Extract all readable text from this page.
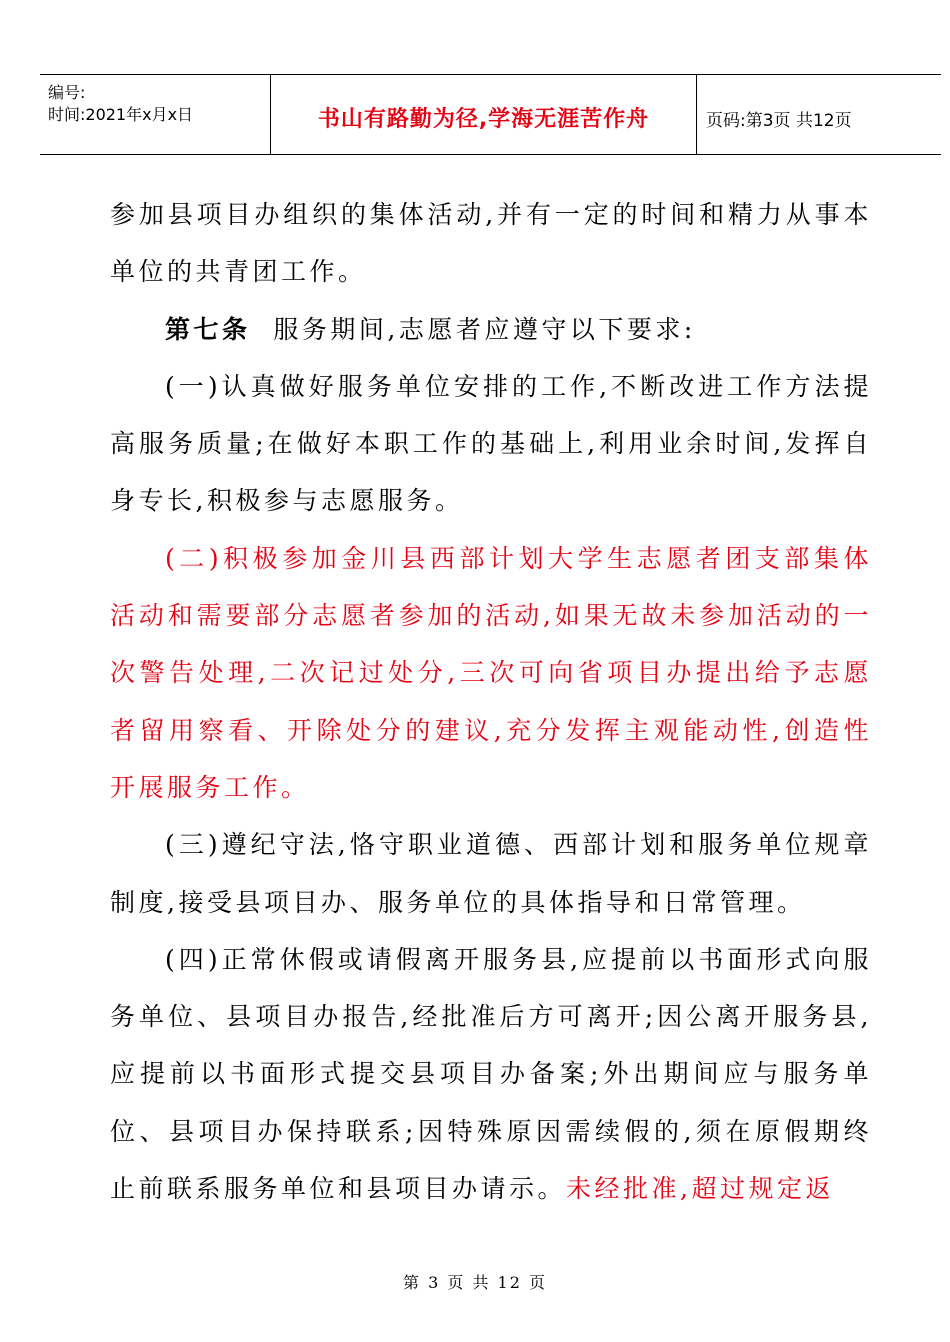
编号:
时间:2021年x月x日	书山有路勤为径,学海无涯苦作舟	页码:第3页 共12页

参加县项目办组织的集体活动,并有一定的时间和精力从事本单位的共青团工作。

第七条  服务期间,志愿者应遵守以下要求:

(一)认真做好服务单位安排的工作,不断改进工作方法提高服务质量;在做好本职工作的基础上,利用业余时间,发挥自身专长,积极参与志愿服务。

(二)积极参加金川县西部计划大学生志愿者团支部集体活动和需要部分志愿者参加的活动,如果无故未参加活动的一次警告处理,二次记过处分,三次可向省项目办提出给予志愿者留用察看、开除处分的建议,充分发挥主观能动性,创造性开展服务工作。

(三)遵纪守法,恪守职业道德、西部计划和服务单位规章制度,接受县项目办、服务单位的具体指导和日常管理。

(四)正常休假或请假离开服务县,应提前以书面形式向服务单位、县项目办报告,经批准后方可离开;因公离开服务县,应提前以书面形式提交县项目办备案;外出期间应与服务单位、县项目办保持联系;因特殊原因需续假的,须在原假期终止前联系服务单位和县项目办请示。未经批准,超过规定返

第 3 页 共 12 页
